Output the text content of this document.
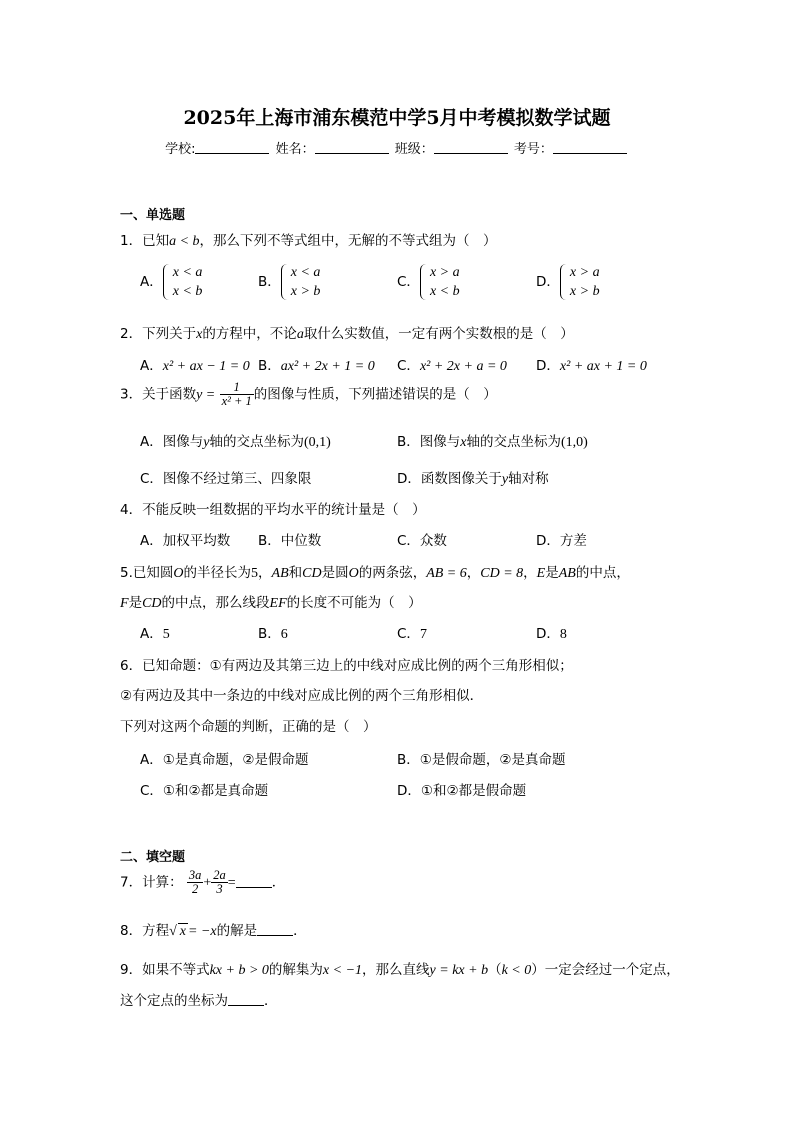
2025年上海市浦东模范中学5月中考模拟数学试题
学校:	姓名：	班级：	考号：
一、单选题
1．已知a < b，那么下列不等式组中，无解的不等式组为（　）
A．
x < a
x < b
B．
x < a
x > b
C．
x > a
x < b
D．
x > a
x > b
2．下列关于x的方程中，不论a取什么实数值，一定有两个实数根的是（　）
A．x² + ax − 1 = 0 B．ax² + 2x + 1 = 0 C．x² + 2x + a = 0 D．x² + ax + 1 = 0
3．关于函数$y = \frac{1}{\text{x² + 1}}$ 的图像与性质，下列描述错误的是（　）
A．图像与y轴的交点坐标为(0,1)	B．图像与x轴的交点坐标为(1,0)
C．图像不经过第三、四象限	D．函数图像关于y轴对称
4．不能反映一组数据的平均水平的统计量是（　）
A．加权平均数 B．中位数	C．众数	D．方差
5.已知圆O的半径长为5，AB和CD是圆O的两条弦，AB = 6，CD = 8，E是AB的中点，
F是CD的中点，那么线段EF的长度不可能为（　）
A．5	B．6	C．7	D．8
6．已知命题：①有两边及其第三边上的中线对应成比例的两个三角形相似；
②有两边及其中一条边的中线对应成比例的两个三角形相似．
下列对这两个命题的判断，正确的是（　）
A．①是真命题，②是假命题	B．①是假命题，②是真命题
C．①和②都是真命题	D．①和②都是假命题
二、填空题
7．计算： $\frac{3a}{2} + \frac{2a}{3}$ =	．
8．方程√ x = −x的解是	．
9．如果不等式kx + b > 0的解集为x < −1，那么直线y = kx + b（k < 0）一定会经过一个定点，
这个定点的坐标为	．
